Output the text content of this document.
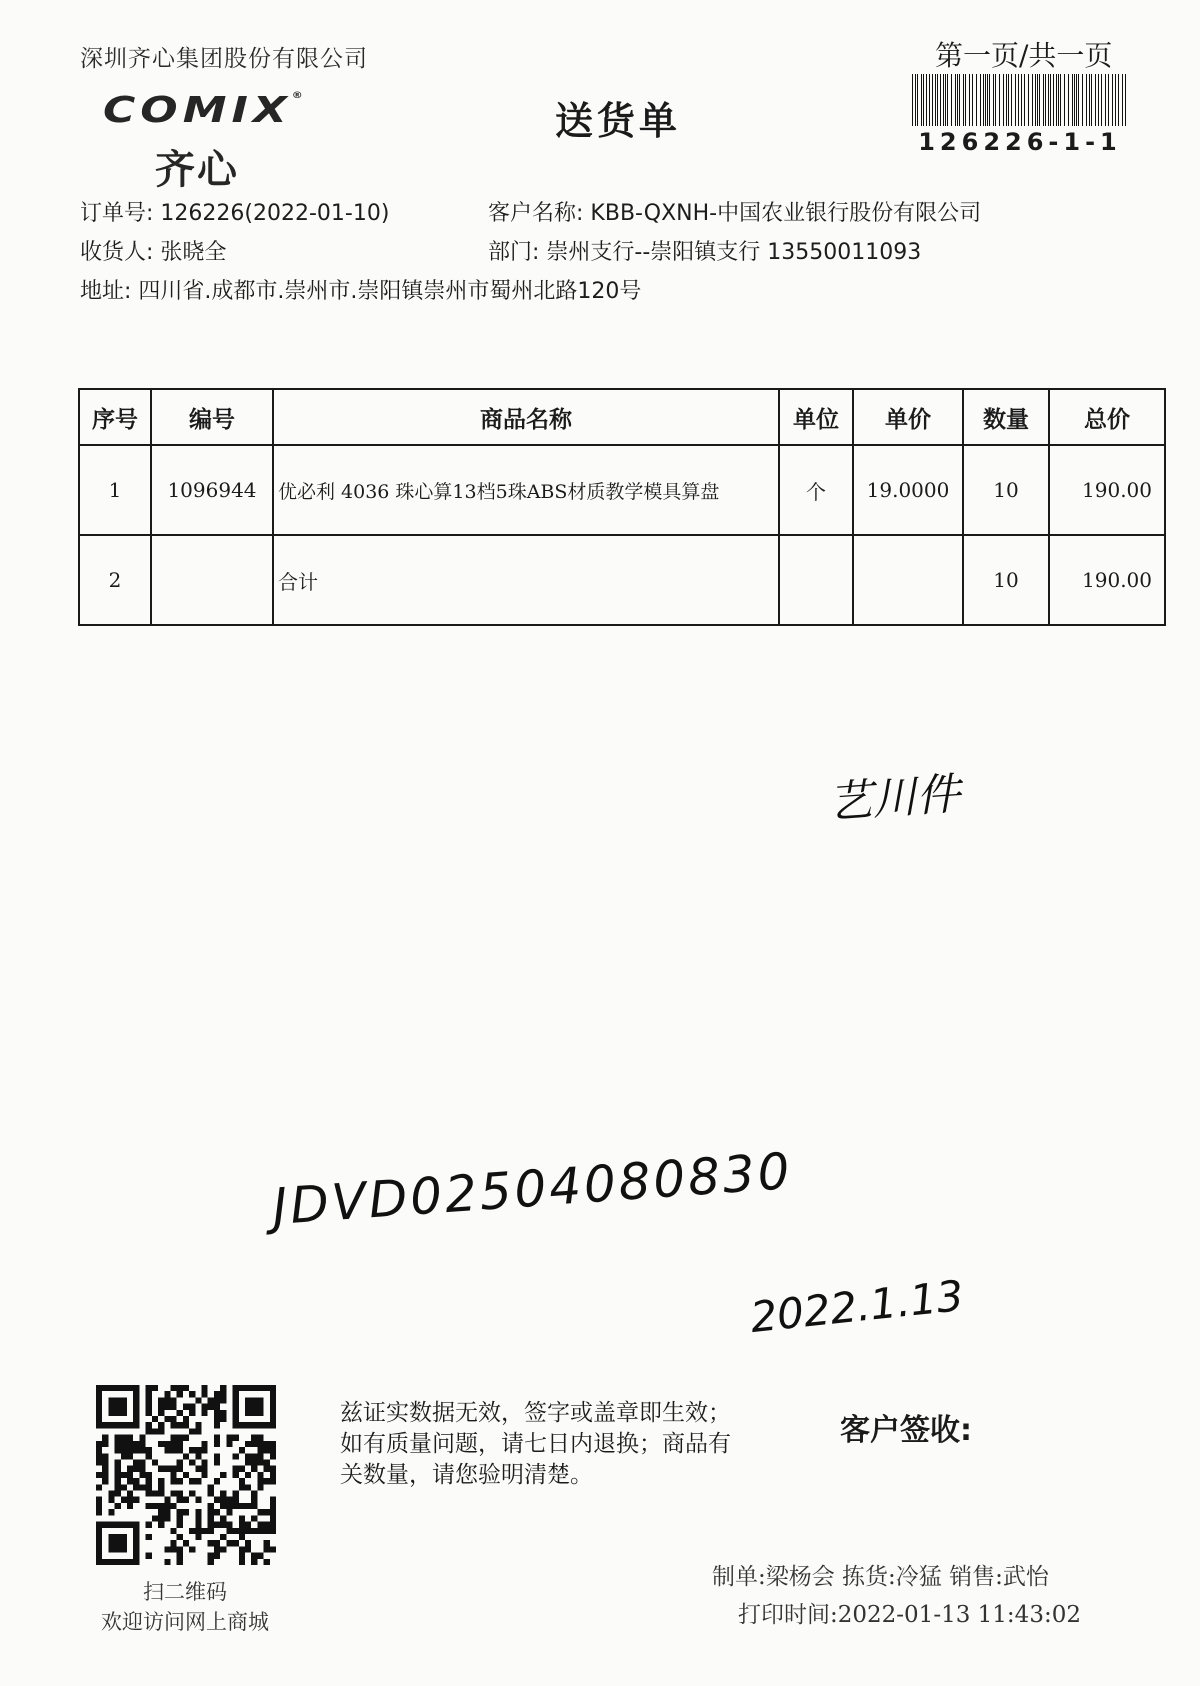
深圳齐心集团股份有限公司	第一页/共一页
126226-1-1
COMIX®
齐心
送货单
订单号: 126226(2022-01-10)	客户名称: KBB-QXNH-中国农业银行股份有限公司
收货人: 张晓全	部门: 崇州支行--崇阳镇支行 13550011093
地址: 四川省.成都市.崇州市.崇阳镇崇州市蜀州北路120号
序号	编号	商品名称	单位	单价	数量	总价
1	1096944	优必利 4036 珠心算13档5珠ABS材质教学模具算盘	个	19.0000	10	190.00
2		合计			10	190.00
艺川件
JDVD02504080830
2022.1.13
扫二维码
欢迎访问网上商城
兹证实数据无效，签字或盖章即生效；如有质量问题，请七日内退换；商品有关数量，请您验明清楚。
客户签收:
制单:梁杨会 拣货:冷猛 销售:武怡
打印时间:2022-01-13 11:43:02
